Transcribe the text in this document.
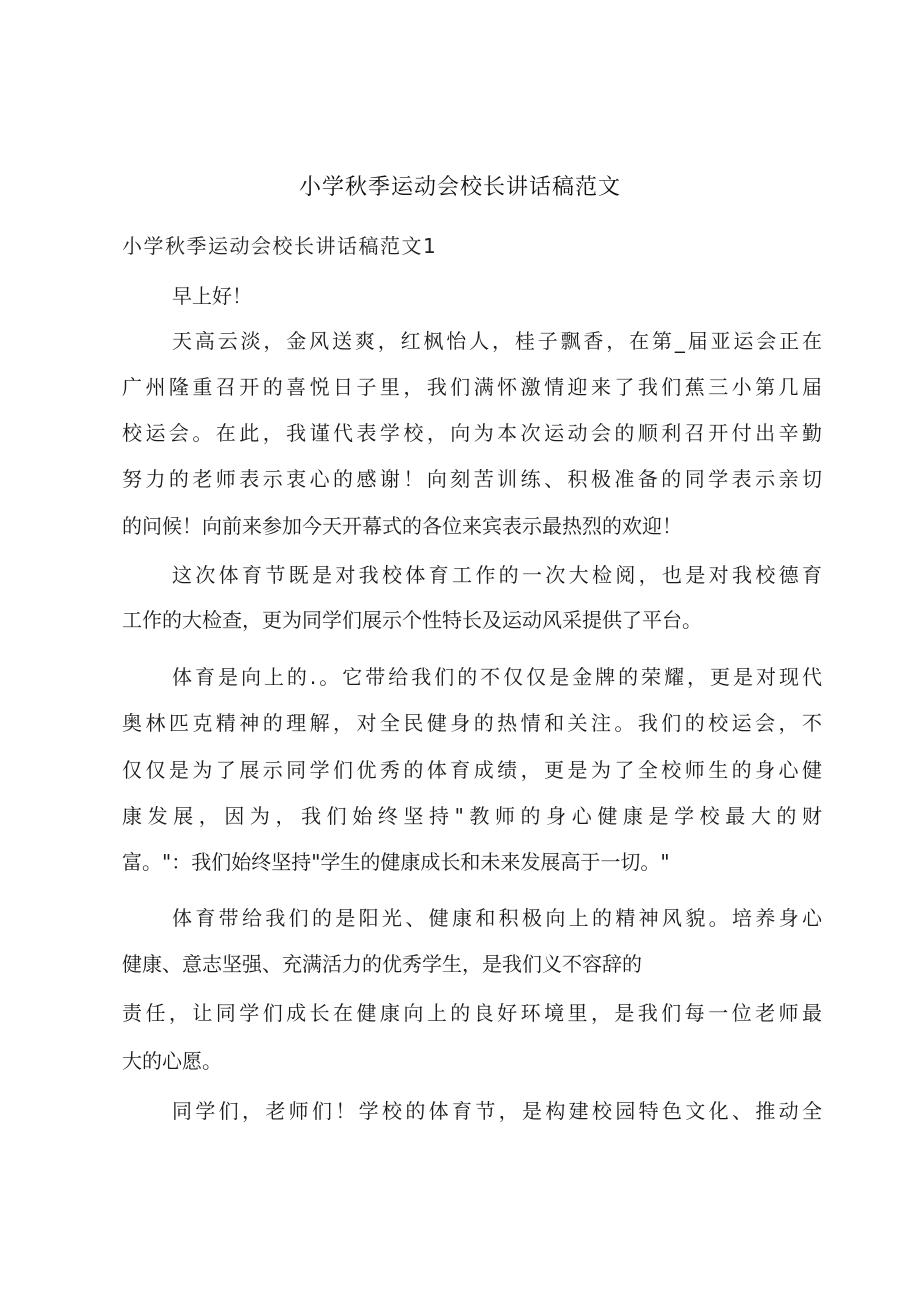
小学秋季运动会校长讲话稿范文
小学秋季运动会校长讲话稿范文1
早上好！
天高云淡，金风送爽，红枫怡人，桂子飘香，在第_届亚运会正在
广州隆重召开的喜悦日子里，我们满怀激情迎来了我们蕉三小第几届
校运会。在此，我谨代表学校，向为本次运动会的顺利召开付出辛勤
努力的老师表示衷心的感谢！向刻苦训练、积极准备的同学表示亲切
的问候！向前来参加今天开幕式的各位来宾表示最热烈的欢迎！
这次体育节既是对我校体育工作的一次大检阅，也是对我校德育
工作的大检查，更为同学们展示个性特长及运动风采提供了平台。
体育是向上的.。它带给我们的不仅仅是金牌的荣耀，更是对现代
奥林匹克精神的理解，对全民健身的热情和关注。我们的校运会，不
仅仅是为了展示同学们优秀的体育成绩，更是为了全校师生的身心健
康发展，因为，我们始终坚持"教师的身心健康是学校最大的财
富。"：我们始终坚持"学生的健康成长和未来发展高于一切。"
体育带给我们的是阳光、健康和积极向上的精神风貌。培养身心
健康、意志坚强、充满活力的优秀学生，是我们义不容辞的
责任，让同学们成长在健康向上的良好环境里，是我们每一位老师最
大的心愿。
同学们，老师们！学校的体育节，是构建校园特色文化、推动全
